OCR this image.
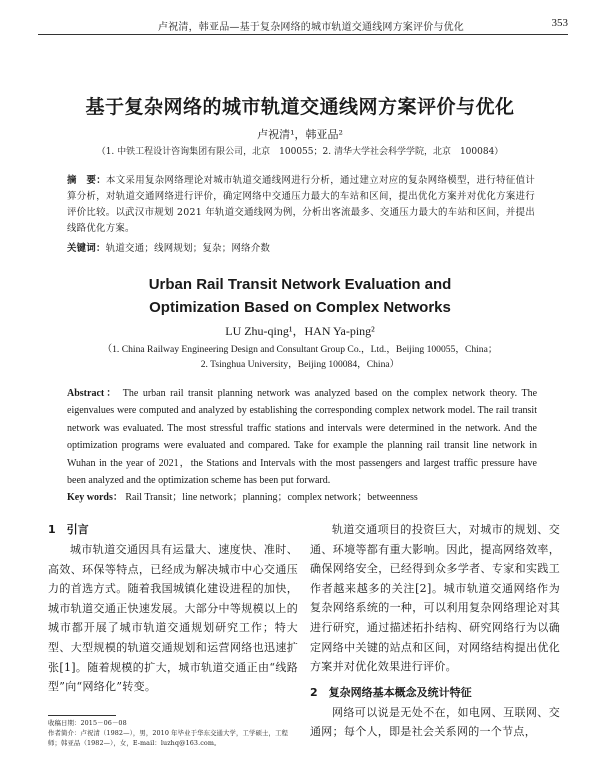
卢祝清，韩亚品—基于复杂网络的城市轨道交通线网方案评价与优化	353
基于复杂网络的城市轨道交通线网方案评价与优化
卢祝清¹，韩亚品²
（1. 中铁工程设计咨询集团有限公司，北京　100055；2. 清华大学社会科学学院，北京　100084）
摘　要：本文采用复杂网络理论对城市轨道交通线网进行分析，通过建立对应的复杂网络模型，进行特征值计算分析，对轨道交通网络进行评价，确定网络中交通压力最大的车站和区间，提出优化方案并对优化方案进行评价比较。以武汉市规划 2021 年轨道交通线网为例，分析出客流最多、交通压力最大的车站和区间，并提出线路优化方案。
关键词：轨道交通；线网规划；复杂；网络介数
Urban Rail Transit Network Evaluation and
Optimization Based on Complex Networks
LU Zhu-qing¹，HAN Ya-ping²
（1. China Railway Engineering Design and Consultant Group Co.，Ltd.，Beijing 100055，China；
2. Tsinghua University，Beijing 100084，China）
Abstract： The urban rail transit planning network was analyzed based on the complex network theory. The eigenvalues were computed and analyzed by establishing the corresponding complex network model. The rail transit network was evaluated. The most stressful traffic stations and intervals were determined in the network. And the optimization programs were evaluated and compared. Take for example the planning rail transit line network in Wuhan in the year of 2021，the Stations and Intervals with the most passengers and largest traffic pressure have been analyzed and the optimization scheme has been put forward.
Key words： Rail Transit；line network；planning；complex network；betweenness

1　引言

城市轨道交通因具有运量大、速度快、准时、高效、环保等特点，已经成为解决城市中心交通压力的首选方式。随着我国城镇化建设进程的加快，城市轨道交通正快速发展。大部分中等规模以上的城市都开展了城市轨道交通规划研究工作；特大型、大型规模的轨道交通规划和运营网络也迅速扩张[1]。随着规模的扩大，城市轨道交通正由“线路型”向“网络化”转变。

轨道交通项目的投资巨大，对城市的规划、交通、环境等都有重大影响。因此，提高网络效率，确保网络安全，已经得到众多学者、专家和实践工作者越来越多的关注[2]。城市轨道交通网络作为复杂网络系统的一种，可以利用复杂网络理论对其进行研究，通过描述拓扑结构、研究网络行为以确定网络中关键的站点和区间，对网络结构提出优化方案并对优化效果进行评价。

2　复杂网络基本概念及统计特征

网络可以说是无处不在，如电网、互联网、交通网；每个人，即是社会关系网的一个节点，

收稿日期：2015－06－08
作者简介：卢祝清（1982—），男，2010 年毕业于华东交通大学，工学硕士，工程师；韩亚品（1982—），女，E-mail：luzhq@163.com。
